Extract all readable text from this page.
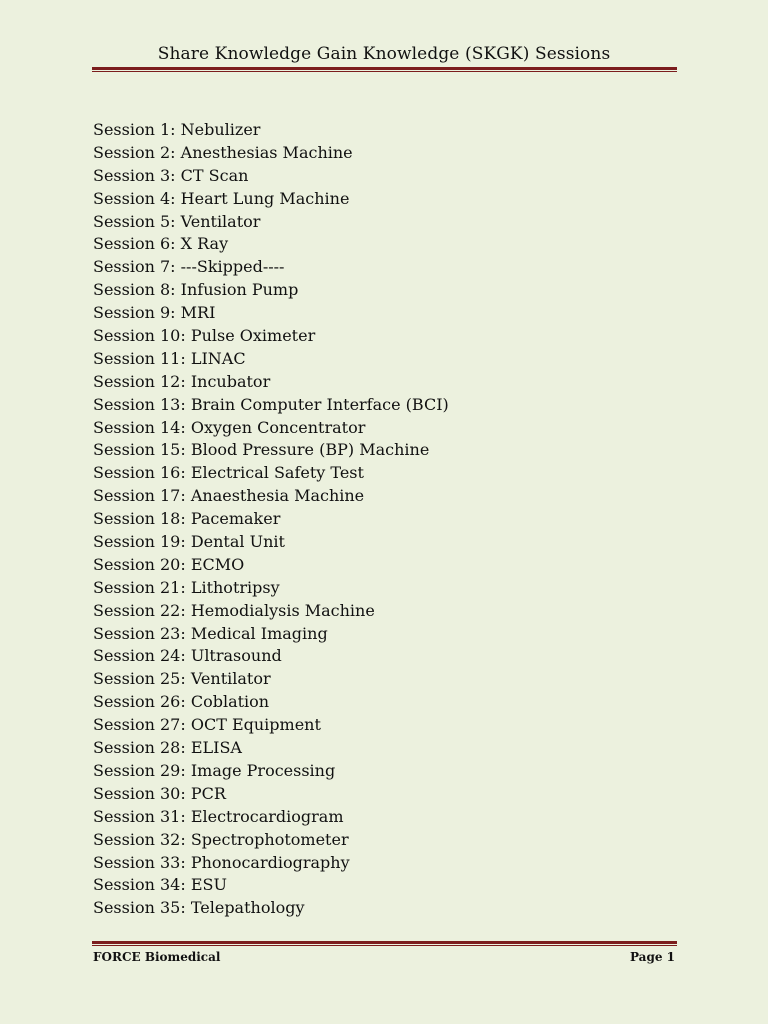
Share Knowledge Gain Knowledge (SKGK) Sessions
Session 1: Nebulizer
Session 2: Anesthesias Machine
Session 3: CT Scan
Session 4: Heart Lung Machine
Session 5: Ventilator
Session 6: X Ray
Session 7: ---Skipped----
Session 8: Infusion Pump
Session 9: MRI
Session 10: Pulse Oximeter
Session 11: LINAC
Session 12: Incubator
Session 13: Brain Computer Interface (BCI)
Session 14: Oxygen Concentrator
Session 15: Blood Pressure (BP) Machine
Session 16: Electrical Safety Test
Session 17: Anaesthesia Machine
Session 18: Pacemaker
Session 19: Dental Unit
Session 20: ECMO
Session 21: Lithotripsy
Session 22: Hemodialysis Machine
Session 23: Medical Imaging
Session 24: Ultrasound
Session 25: Ventilator
Session 26: Coblation
Session 27: OCT Equipment
Session 28: ELISA
Session 29: Image Processing
Session 30: PCR
Session 31: Electrocardiogram
Session 32: Spectrophotometer
Session 33: Phonocardiography
Session 34: ESU
Session 35: Telepathology
FORCE Biomedical	Page 1
